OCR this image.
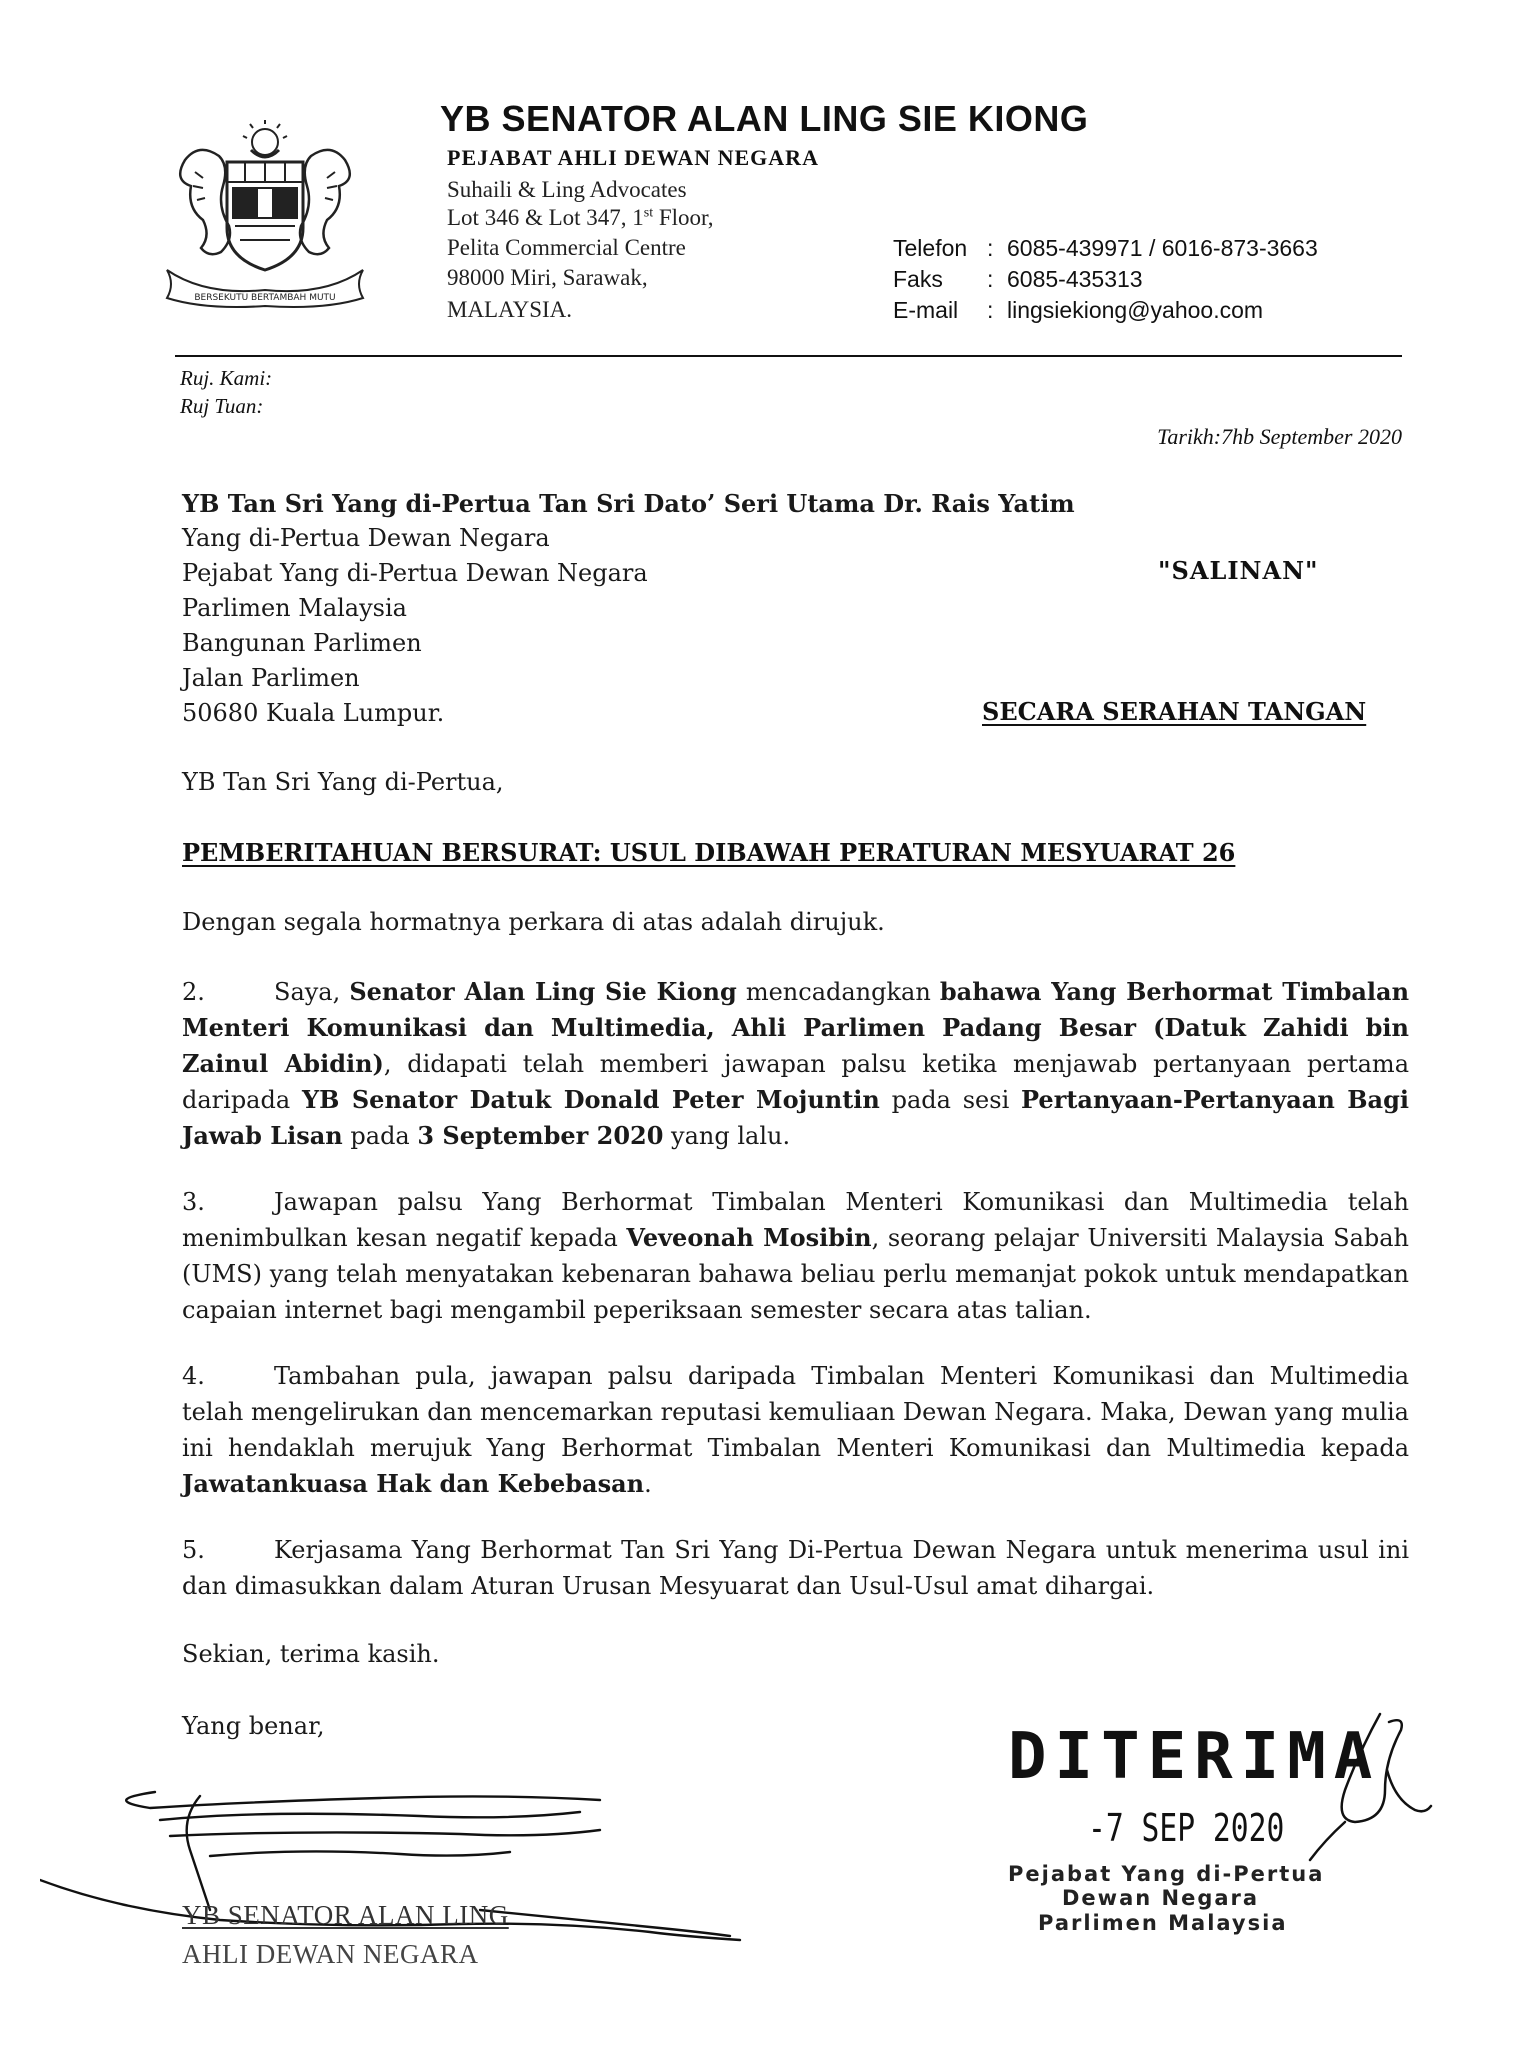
BERSEKUTU BERTAMBAH MUTU
YB SENATOR ALAN LING SIE KIONG
PEJABAT AHLI DEWAN NEGARA
Suhaili & Ling Advocates
Lot 346 & Lot 347, 1st Floor,
Pelita Commercial Centre
98000 Miri, Sarawak,
MALAYSIA.
Telefon : 6085-439971 / 6016-873-3663
Faks : 6085-435313
E-mail : lingsiekiong@yahoo.com
Ruj. Kami:
Ruj Tuan:
Tarikh:7hb September 2020
YB Tan Sri Yang di-Pertua Tan Sri Dato’ Seri Utama Dr. Rais Yatim
Yang di-Pertua Dewan Negara
Pejabat Yang di-Pertua Dewan Negara
Parlimen Malaysia
Bangunan Parlimen
Jalan Parlimen
50680 Kuala Lumpur.
"SALINAN"
SECARA SERAHAN TANGAN
YB Tan Sri Yang di-Pertua,
PEMBERITAHUAN BERSURAT: USUL DIBAWAH PERATURAN MESYUARAT 26
Dengan segala hormatnya perkara di atas adalah dirujuk.
2.	Saya, Senator Alan Ling Sie Kiong mencadangkan bahawa Yang Berhormat Timbalan Menteri Komunikasi dan Multimedia, Ahli Parlimen Padang Besar (Datuk Zahidi bin Zainul Abidin), didapati telah memberi jawapan palsu ketika menjawab pertanyaan pertama daripada YB Senator Datuk Donald Peter Mojuntin pada sesi Pertanyaan-Pertanyaan Bagi Jawab Lisan pada 3 September 2020 yang lalu.
3.	Jawapan palsu Yang Berhormat Timbalan Menteri Komunikasi dan Multimedia telah menimbulkan kesan negatif kepada Veveonah Mosibin, seorang pelajar Universiti Malaysia Sabah (UMS) yang telah menyatakan kebenaran bahawa beliau perlu memanjat pokok untuk mendapatkan capaian internet bagi mengambil peperiksaan semester secara atas talian.
4.	Tambahan pula, jawapan palsu daripada Timbalan Menteri Komunikasi dan Multimedia telah mengelirukan dan mencemarkan reputasi kemuliaan Dewan Negara. Maka, Dewan yang mulia ini hendaklah merujuk Yang Berhormat Timbalan Menteri Komunikasi dan Multimedia kepada Jawatankuasa Hak dan Kebebasan.
5.	Kerjasama Yang Berhormat Tan Sri Yang Di-Pertua Dewan Negara untuk menerima usul ini dan dimasukkan dalam Aturan Urusan Mesyuarat dan Usul-Usul amat dihargai.
Sekian, terima kasih.
Yang benar,
YB SENATOR ALAN LING
AHLI DEWAN NEGARA
DITERIMA
-7 SEP 2020
Pejabat Yang di-Pertua
Dewan Negara
Parlimen Malaysia
